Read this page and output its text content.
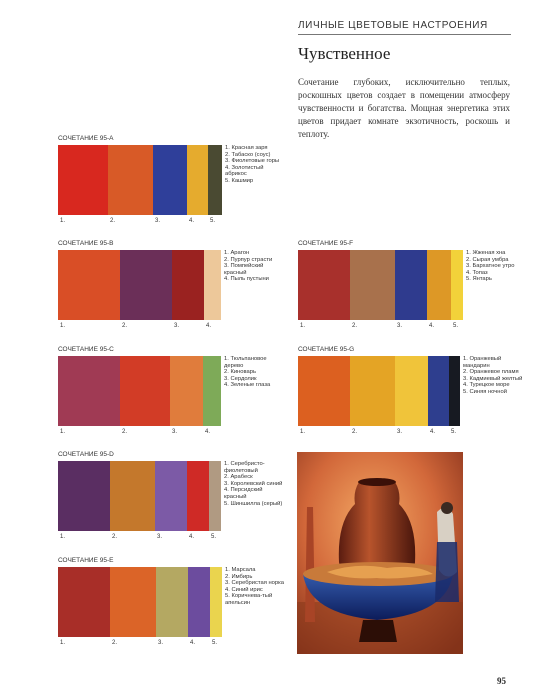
ЛИЧНЫЕ ЦВЕТОВЫЕ НАСТРОЕНИЯ
Чувственное
Сочетание глубоких, исключительно теплых, роскошных цветов создает в помещении атмосферу чувственности и богатства. Мощная энергетика этих цветов придает комнате экзотичность, роскошь и теплоту.
СОЧЕТАНИЕ 95-А
1.	2.	3.	4.	5.
1. Красная заря
2. Табаско (соус)
3. Фиолетовые горы
4. Золотистый абрикос
5. Кашмир
СОЧЕТАНИЕ 95-В
1.	2.	3.	4.
1. Арагон
2. Пурпур страсти
3. Помпейский красный
4. Пыль пустыни
СОЧЕТАНИЕ 95-С
1.	2.	3.	4.
1. Тюльпановое дерево
2. Киноварь
3. Сердолик
4. Зеленые глаза
СОЧЕТАНИЕ 95-D
1.	2.	3.	4.	5.
1. Серебристо-фиолетовый
2. Арабеск
3. Королевский синий
4. Персидский красный
5. Шиншилла (серый)
СОЧЕТАНИЕ 95-Е
1.	2.	3.	4.	5.
1. Марсала
2. Имбирь
3. Серебристая норка
4. Синий ирис
5. Коричнева-тый апельсин
СОЧЕТАНИЕ 95-F
1.	2.	3.	4.	5.
1. Жженая хна
2. Сырая умбра
3. Бархатное утро
4. Топаз
5. Янтарь
СОЧЕТАНИЕ 95-G
1.	2.	3.	4.	5.
1. Оранжевый мандарин
2. Оранжевое пламя
3. Кадмиевый желтый
4. Турецкое море
5. Синяя ночной
95
